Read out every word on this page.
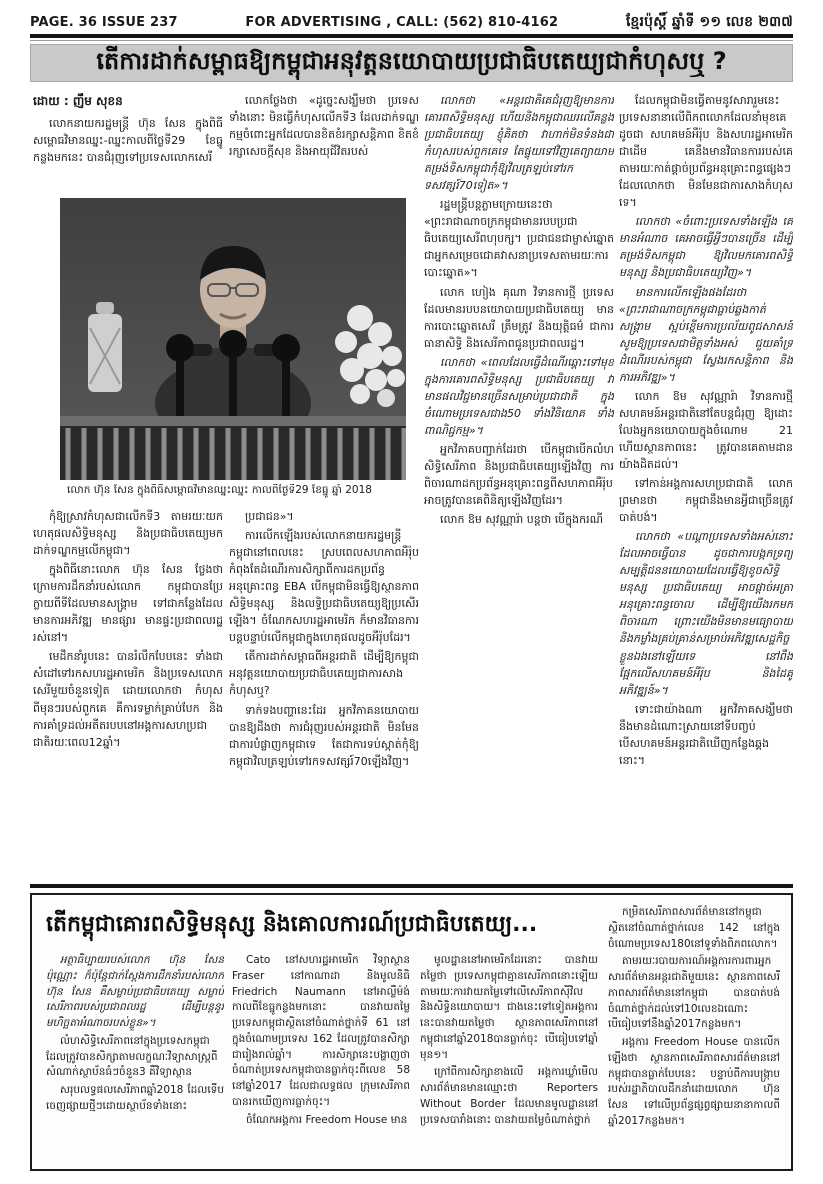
PAGE. 36 ISSUE 237	FOR ADVERTISING , CALL: (562) 810-4162	ខ្មែរប៉ុស្តិ៍ ឆ្នាំទី ១១ លេខ ២៣៧
តើការដាក់សម្ពាធឱ្យកម្ពុជាអនុវត្តនយោបាយប្រជាធិបតេយ្យជាកំហុសឬ ?
ដោយ : ញឹម សុខន

លោកនាយករដ្ឋមន្ត្រី ហ៊ុន សែន ក្នុងពិធីសម្ពោធវិមានឈ្នះ-ឈ្នះកាលពីថ្ងៃទី29 ខែធ្នូ កន្លងមកនេះ បានជំរុញទៅប្រទេសលោកសេរី

លោកថ្លែងថា «ដូច្នេះសង្ឃឹមថា ប្រទេសទាំងនោះ មិនធ្វើកំហុសលើកទី3 ដែលដាក់ទណ្ឌកម្មចំពោះអ្នកដែលបានខិតខំរក្សាសន្តិភាព ខិតខំរក្សាសេចក្តីសុខ និងអាយុជីវិតរបស់

លោកថា «អន្តរជាតិគេជំរុញឱ្យមានការគោរពសិទ្ធិមនុស្ស ហើយនិងកម្ពុជាឈរលើគន្លងប្រជាធិបតេយ្យ ខ្ញុំគិតថា វាហាក់មិនទំនងជាកំហុសរបស់ពួកគេទេ តែផ្ទុយទៅវិញគេព្យាយាមតម្រង់ទិសកម្ពុជាកុំឱ្យវិលត្រឡប់ទៅរកទសវត្សរ៍70ទៀត»។

រដ្ឋមន្ត្រីបន្តភ្លាមក្រោយនេះថា «ព្រះរាជាណាចក្រកម្ពុជាមានរបបប្រជាធិបតេយ្យសេរីពហុបក្ស។ ប្រជាជនជាម្ចាស់ឆ្នោត ជាអ្នកសម្រេចជោគវាសនាប្រទេសតាមរយៈការបោះឆ្នោត»។

លោក ហៀង គុណា វិទានការថ្មី ប្រទេសដែលមានរបបនយោបាយប្រជាធិបតេយ្យ មានការបោះឆ្នោតសេរី ត្រឹមត្រូវ និងយុត្តិធម៌ ជាការធានាសិទ្ធិ និងសេរីភាពជូនប្រជាពលរដ្ឋ។

លោកថា «ពេលដែលធ្វើដំណើរឆ្ពោះទៅមុខក្នុងការគោរពសិទ្ធិមនុស្ស ប្រជាធិបតេយ្យ វាមានផលវិជ្ជមានច្រើនសម្រាប់ប្រជាជាតិ ក្នុងចំណោមប្រទេសជាង50 ទាំងវិនិយោគ ទាំងពាណិជ្ជកម្ម»។

អ្នកវិភាគបញ្ជាក់ដែរថា បើកម្ពុជាបើកលំហសិទ្ធិសេរីភាព និងប្រជាធិបតេយ្យឡើងវិញ ការពិចារណាដកប្រព័ន្ធអនុគ្រោះពន្ធពីសហភាពអឺរ៉ុប អាចត្រូវបានគេពិនិត្យឡើងវិញដែរ។

លោក ឱម សុវណ្ណារ៉ា បន្តថា បើក្នុងករណី

ដែលកម្ពុជាមិនធ្វើតាមនូវសារារួមនេះ ប្រទេសនានាលើពិភពលោកដែលនាំមុខគេដូចជា សហគមន៍អឺរ៉ុប និងសហរដ្ឋអាមេរិកជាដើម គេនឹងមានវិធានការរបស់គេ តាមរយៈកាត់ផ្តាច់ប្រព័ន្ធអនុគ្រោះពន្ធផ្សេងៗ ដែលលោកថា មិនមែនជាការសាងកំហុសទេ។

លោកថា «ចំពោះប្រទេសទាំងឡើង គេមានអំណាច គេអាចធ្វើអ្វីៗបានច្រើន ដើម្បីតម្រង់ទិសកម្ពុជា ឱ្យវិលមកគោរពសិទ្ធិមនុស្ស និងប្រជាធិបតេយ្យវិញ»។

មានការលើកឡើងផងដែរថា «ព្រះរាជាណាចក្រកម្ពុជាធ្លាប់ឆ្លងកាត់សង្គ្រាម ស្អប់ខ្ពើមការប្រល័យពូជសាសន៍ សូមឱ្យប្រទេសជាមិត្តទាំងអស់ ជួយគាំទ្រដំណើររបស់កម្ពុជា ស្វែងរកសន្តិភាព និងការអភិវឌ្ឍ»។

លោក ឱម សុវណ្ណារ៉ា វិទានការថ្មី សហគមន៍អន្តរជាតិនៅតែបន្តជំរុញ ឱ្យដោះលែងអ្នកនយោបាយក្នុងចំណោម 21 ហើយស្ថានភាពនេះ ត្រូវបានគេតាមដានយ៉ាងដិតដល់។

ទៅកាន់អង្គការសហប្រជាជាតិ លោកព្រមានថា កម្ពុជានឹងមានអ្វីជាច្រើនត្រូវបាត់បង់។

លោកថា «បណ្តាប្រទេសទាំងអស់នោះដែលអាចធ្វើបាន ដូចជាការបង្កកទ្រព្យសម្បត្តិជននយោបាយដែលធ្វើឱ្យខូចសិទ្ធិមនុស្ស ប្រជាធិបតេយ្យ អាចផ្តាច់អត្រាអនុគ្រោះពន្ធចោល ដើម្បីឱ្យយើងរកមកពិចារណា ព្រោះយើងមិនមានមធ្យោបាយ និងកម្លាំងគ្រប់គ្រាន់សម្រាប់អភិវឌ្ឍសេដ្ឋកិច្ចខ្លួនឯងនៅឡើយទេ នៅពឹងផ្អែកលើសហគមន៍អឺរ៉ុប និងដៃគូអភិវឌ្ឍន៍»។

ទោះជាយ៉ាងណា អ្នកវិភាគសង្ឃឹមថា នឹងមានដំណោះស្រាយនៅទីបញ្ចប់ បើសហគមន៍អន្តរជាតិឃើញកន្លែងឆ្គងនោះ។

លោក ហ៊ុន សែន ក្នុងពិធីសម្ពោធវិមានឈ្នះឈ្នះ កាលពីថ្ងៃទី29 ខែធ្នូ ឆ្នាំ 2018

កុំឱ្យស្រាវកំហុសជាលើកទី3 តាមរយៈយកហេតុផលសិទ្ធិមនុស្ស និងប្រជាធិបតេយ្យមកដាក់ទណ្ឌកម្មលើកម្ពុជា។

ក្នុងពិធីនោះលោក ហ៊ុន សែន ថ្លែងថា ក្រោមការដឹកនាំរបស់លោក កម្ពុជាបានប្រែក្លាយពីទីដែលមានសង្គ្រាម ទៅជាកន្លែងដែលមានការអភិវឌ្ឍ មានផ្សារ មានផ្ទះប្រជាពលរដ្ឋរស់នៅ។

មេដឹកនាំរូបនេះ បានរំលឹកបែបនេះ ទាំងជាសំដៅទៅរកសហរដ្ឋអាមេរិក និងប្រទេសលោកសេរីមួយចំនួនទៀត ដោយលោកថា កំហុសពីមុនៗរបស់ពួកគេ គឺការទម្លាក់គ្រាប់បែក និងការគាំទ្រដល់អតីតរបបនៅអង្គការសហប្រជាជាតិរយៈពេល12ឆ្នាំ។

ប្រជាជន»។

ការលើកឡើងរបស់លោកនាយករដ្ឋមន្ត្រីកម្ពុជានៅពេលនេះ ស្របពេលសហភាពអឺរ៉ុបកំពុងតែដំណើរការសិក្សាពីការដកប្រព័ន្ធអនុគ្រោះពន្ធ EBA បើកម្ពុជាមិនធ្វើឱ្យស្ថានភាពសិទ្ធិមនុស្ស និងលទ្ធិប្រជាធិបតេយ្យឱ្យប្រសើរឡើង។ ចំណែកសហរដ្ឋអាមេរិក ក៏មានវិធានការបន្តបន្ទាប់លើកម្ពុជាក្នុងហេតុផលដូចអឺរ៉ុបដែរ។

តើការដាក់សម្ពាធពីអន្តរជាតិ ដើម្បីឱ្យកម្ពុជាអនុវត្តនយោបាយប្រជាធិបតេយ្យជាការសាងកំហុសឬ?

ទាក់ទងបញ្ហានេះដែរ អ្នកវិភាគនយោបាយបានឱ្យដឹងថា ការជំរុញរបស់អន្តរជាតិ មិនមែនជាការបំផ្លាញកម្ពុជាទេ តែជាការទប់ស្កាត់កុំឱ្យកម្ពុជាវិលត្រឡប់ទៅរកទសវត្សរ៍70ឡើងវិញ។

តើកម្ពុជាគោរពសិទ្ធិមនុស្ស និងគោលការណ៍ប្រជាធិបតេយ្យ...

អត្ថាធិប្បាយរបស់លោក ហ៊ុន សែន ប៉ុណ្ណោះ ក៏ប៉ុន្តែជាក់ស្តែងការដឹកនាំរបស់លោក ហ៊ុន សែន គឺសម្លាប់ប្រជាធិបតេយ្យ សម្លាប់សេរីភាពរបស់ប្រជាពលរដ្ឋ ដើម្បីបន្តនូវមហិច្ឆតាអំណាចរបស់ខ្លួន»។

លំហសិទ្ធិសេរីភាពនៅក្នុងប្រទេសកម្ពុជា ដែលត្រូវបានសិក្សាតាមលក្ខណៈវិទ្យាសាស្ត្រពីសំណាក់ស្ថាប័នធំៗចំនួន3 គឺវិទ្យាស្ថាន

សរុបលទ្ធផលសេរីភាពឆ្នាំ2018 ដែលទើបចេញផ្សាយថ្មីៗដោយស្ថាប័នទាំងនោះ

Cato នៅសហរដ្ឋអាមេរិក វិទ្យាស្ថាន Fraser នៅកាណាដា និងមូលនិធិ Friedrich Naumann នៅអាល្លឺម៉ង់កាលពីខែធ្នូកន្លងមកនោះ បានវាយតម្លៃប្រទេសកម្ពុជាស្ថិតនៅចំណាត់ថ្នាក់ទី 61 នៅក្នុងចំណោមប្រទេស 162 ដែលត្រូវបានសិក្សាជារៀងរាល់ឆ្នាំ។ ការសិក្សានេះបង្ហាញថា ចំណាត់ប្រទេសកម្ពុជាបានធ្លាក់ចុះពីលេខ 58 នៅឆ្នាំ2017 ដែលជាលទ្ធផល ក្រុមសេរីភាពបានរកឃើញការធ្លាក់ចុះ។

ចំណែកអង្គការ Freedom House មាន

មូលដ្ឋាននៅអាមេរិកដែរនោះ បានវាយតម្លៃថា ប្រទេសកម្ពុជាគ្មានសេរីភាពនោះឡើយ តាមរយៈការវាយតម្លៃទៅលើសេរីភាពស៊ីវិល និងសិទ្ធិនយោបាយ។ ជាងនេះទៅទៀតអង្គការនេះបានវាយតម្លៃថា ស្ថានភាពសេរីភាពនៅកម្ពុជានៅឆ្នាំ2018បានធ្លាក់ចុះ បើធៀបទៅឆ្នាំមុន១។

ក្រៅពីការសិក្សាខាងលើ អង្គការឃ្លាំមើលសារព័ត៌មានមានឈ្មោះថា Reporters Without Border ដែលមានមូលដ្ឋាននៅប្រទេសបារាំងនោះ បានវាយតម្លៃចំណាត់ថ្នាក់

កម្រិតសេរីភាពសារព័ត៌មាននៅកម្ពុជា ស្ថិតនៅចំណាត់ថ្នាក់លេខ 142 នៅក្នុងចំណោមប្រទេស180នៅទូទាំងពិភពលោក។

តាមរយៈរបាយការណ៍អង្គការការពារអ្នកសារព័ត៌មានអន្តរជាតិមួយនេះ ស្ថានភាពសេរីភាពសារព័ត៌មាននៅកម្ពុជា បានបាត់បង់ចំណាត់ថ្នាក់ដល់ទៅ10លេខឯណោះ បើធៀបទៅនឹងឆ្នាំ2017កន្លងមក។

អង្គការ Freedom House បានលើកឡើងថា ស្ថានភាពសេរីភាពសារព័ត៌មាននៅកម្ពុជាបានធ្លាក់បែបនេះ បន្ទាប់ពីការបង្ក្រាបរបស់រដ្ឋាភិបាលដឹកនាំដោយលោក ហ៊ុន សែន ទៅលើប្រព័ន្ធផ្សព្វផ្សាយនានាកាលពីឆ្នាំ2017កន្លងមក។
